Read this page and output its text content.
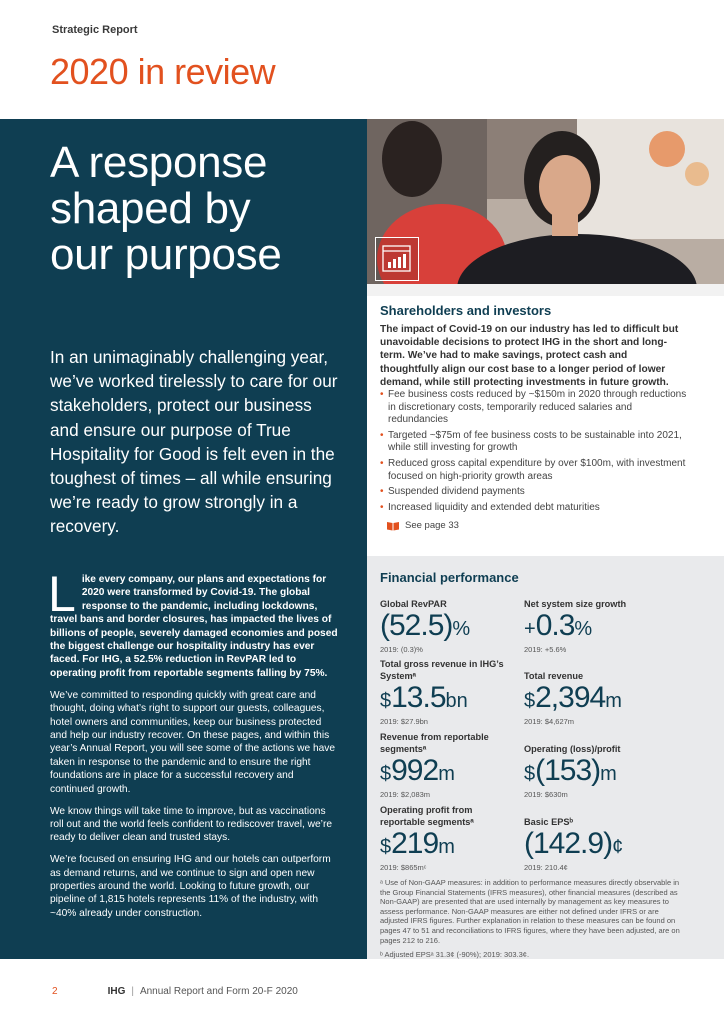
Strategic Report
2020 in review
A response
shaped by
our purpose
In an unimaginably challenging year, we’ve worked tirelessly to care for our stakeholders, protect our business and ensure our purpose of True Hospitality for Good is felt even in the toughest of times – all while ensuring we’re ready to grow strongly in a recovery.

Like every company, our plans and expectations for 2020 were transformed by Covid-19. The global response to the pandemic, including lockdowns, travel bans and border closures, has impacted the lives of billions of people, severely damaged economies and posed the biggest challenge our hospitality industry has ever faced. For IHG, a 52.5% reduction in RevPAR led to operating profit from reportable segments falling by 75%.

We’ve committed to responding quickly with great care and thought, doing what’s right to support our guests, colleagues, hotel owners and communities, keep our business protected and help our industry recover. On these pages, and within this year’s Annual Report, you will see some of the actions we have taken in response to the pandemic and to ensure the right foundations are in place for a successful recovery and continued growth.

We know things will take time to improve, but as vaccinations roll out and the world feels confident to rediscover travel, we’re ready to deliver clean and trusted stays.

We’re focused on ensuring IHG and our hotels can outperform as demand returns, and we continue to sign and open new properties around the world. Looking to future growth, our pipeline of 1,815 hotels represents 11% of the industry, with ~40% already under construction.

Shareholders and investors
The impact of Covid-19 on our industry has led to difficult but unavoidable decisions to protect IHG in the short and long-term. We’ve had to make savings, protect cash and thoughtfully align our cost base to a longer period of lower demand, while still protecting investments in future growth.
• Fee business costs reduced by ~$150m in 2020 through reductions in discretionary costs, temporarily reduced salaries and redundancies
• Targeted ~$75m of fee business costs to be sustainable into 2021, while still investing for growth
• Reduced gross capital expenditure by over $100m, with investment focused on high-priority growth areas
• Suspended dividend payments
• Increased liquidity and extended debt maturities
See page 33
Financial performance
Global RevPAR
(52.5)%
2019: (0.3)%
Net system size growth
+0.3%
2019: +5.6%
Total gross revenue in IHG’s Systemᵃ
$13.5bn
2019: $27.9bn
Total revenue
$2,394m
2019: $4,627m
Revenue from reportable segmentsᵃ
$992m
2019: $2,083m
Operating (loss)/profit
$(153)m
2019: $630m
Operating profit from reportable segmentsᵃ
$219m
2019: $865mᶜ
Basic EPSᵇ
(142.9)¢
2019: 210.4¢

ᵃ Use of Non-GAAP measures: in addition to performance measures directly observable in the Group Financial Statements (IFRS measures), other financial measures (described as Non-GAAP) are presented that are used internally by management as key measures to assess performance. Non-GAAP measures are either not defined under IFRS or are adjusted IFRS figures. Further explanation in relation to these measures can be found on pages 47 to 51 and reconciliations to IFRS figures, where they have been adjusted, are on pages 212 to 216.

ᵇ Adjusted EPSᵃ 31.3¢ (-90%); 2019: 303.3¢.

2	IHG | Annual Report and Form 20-F 2020
